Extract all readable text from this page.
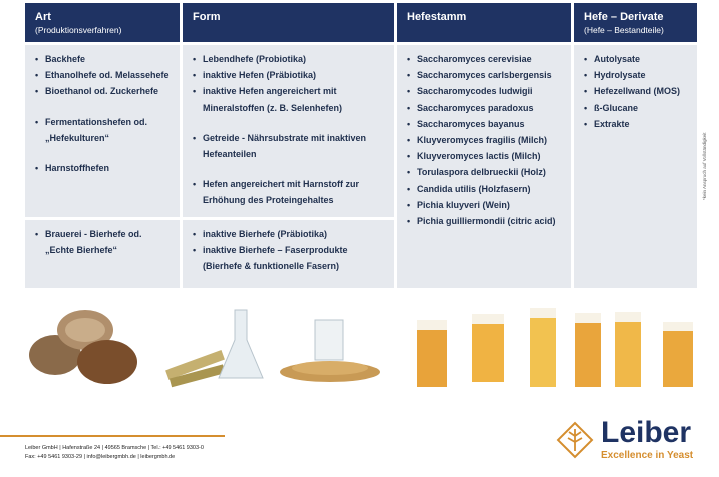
Art
(Produktionsverfahren)
Form	Hefestamm	Hefe – Derivate
(Hefe – Bestandteile)
• Backhefe
• Ethanolhefe od. Melassehefe
• Bioethanol od. Zuckerhefe
• Fermentationshefen od. „Hefekulturen“
• Harnstoffhefen
• Brauerei - Bierhefe od. „Echte Bierhefe“
• Lebendhefe (Probiotika)
• inaktive Hefen (Präbiotika)
• inaktive Hefen angereichert mit Mineralstoffen (z. B. Selenhefen)
• Getreide - Nährsubstrate mit inaktiven Hefeanteilen
• Hefen angereichert mit Harnstoff zur Erhöhung des Proteingehaltes
• inaktive Bierhefe (Präbiotika)
• inaktive Bierhefe – Faserprodukte (Bierhefe & funktionelle Fasern)
• Saccharomyces cerevisiae
• Saccharomyces carlsbergensis
• Saccharomycodes ludwigii
• Saccharomyces paradoxus
• Saccharomyces bayanus
• Kluyveromyces fragilis (Milch)
• Kluyveromyces lactis (Milch)
• Torulaspora delbrueckii (Holz)
• Candida utilis (Holzfasern)
• Pichia kluyveri (Wein)
• Pichia guilliermondii (citric acid)
• Autolysate
• Hydrolysate
• Hefezellwand (MOS)
• ß-Glucane
• Extrakte
*kein Anspruch auf Vollständigkeit
Leiber GmbH | Hafenstraße 24 | 49565 Bramsche | Tel.: +49 5461 9303-0
Fax: +49 5461 9303-29 | info@leibergmbh.de | leibergmbh.de
Leiber
Excellence in Yeast
